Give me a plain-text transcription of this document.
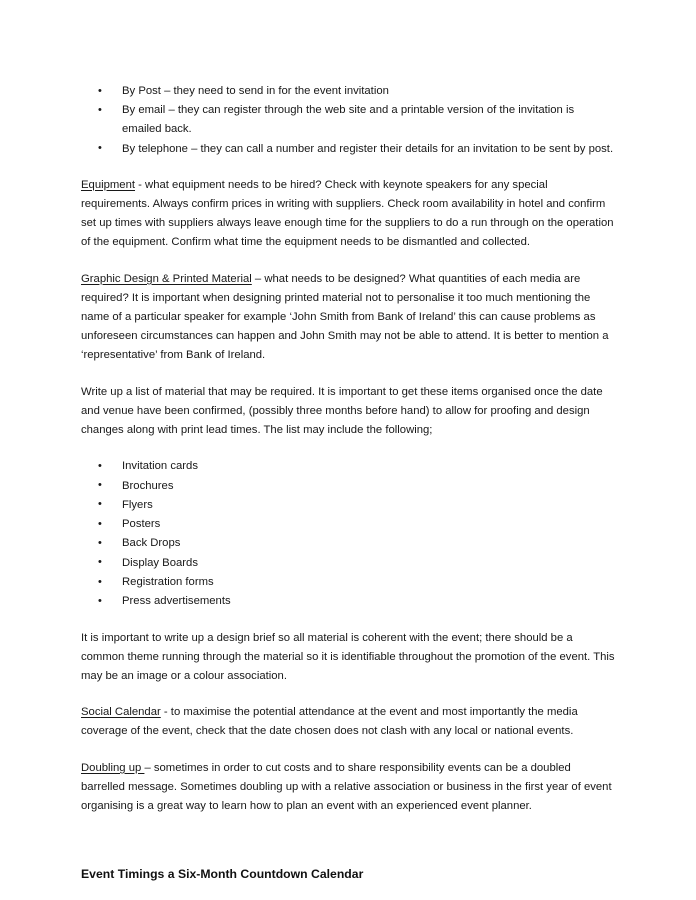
• By Post – they need to send in for the event invitation
• By email – they can register through the web site and a printable version of the invitation is emailed back.
• By telephone – they can call a number and register their details for an invitation to be sent by post.

Equipment - what equipment needs to be hired? Check with keynote speakers for any special requirements. Always confirm prices in writing with suppliers. Check room availability in hotel and confirm set up times with suppliers always leave enough time for the suppliers to do a run through on the operation of the equipment. Confirm what time the equipment needs to be dismantled and collected.

Graphic Design & Printed Material – what needs to be designed? What quantities of each media are required? It is important when designing printed material not to personalise it too much mentioning the name of a particular speaker for example ‘John Smith from Bank of Ireland’ this can cause problems as unforeseen circumstances can happen and John Smith may not be able to attend. It is better to mention a ‘representative’ from Bank of Ireland.

Write up a list of material that may be required. It is important to get these items organised once the date and venue have been confirmed, (possibly three months before hand) to allow for proofing and design changes along with print lead times. The list may include the following;

• Invitation cards
• Brochures
• Flyers
• Posters
• Back Drops
• Display Boards
• Registration forms
• Press advertisements

It is important to write up a design brief so all material is coherent with the event; there should be a common theme running through the material so it is identifiable throughout the promotion of the event. This may be an image or a colour association.

Social Calendar - to maximise the potential attendance at the event and most importantly the media coverage of the event, check that the date chosen does not clash with any local or national events.

Doubling up – sometimes in order to cut costs and to share responsibility events can be a doubled barrelled message. Sometimes doubling up with a relative association or business in the first year of event organising is a great way to learn how to plan an event with an experienced event planner.

Event Timings a Six-Month Countdown Calendar
